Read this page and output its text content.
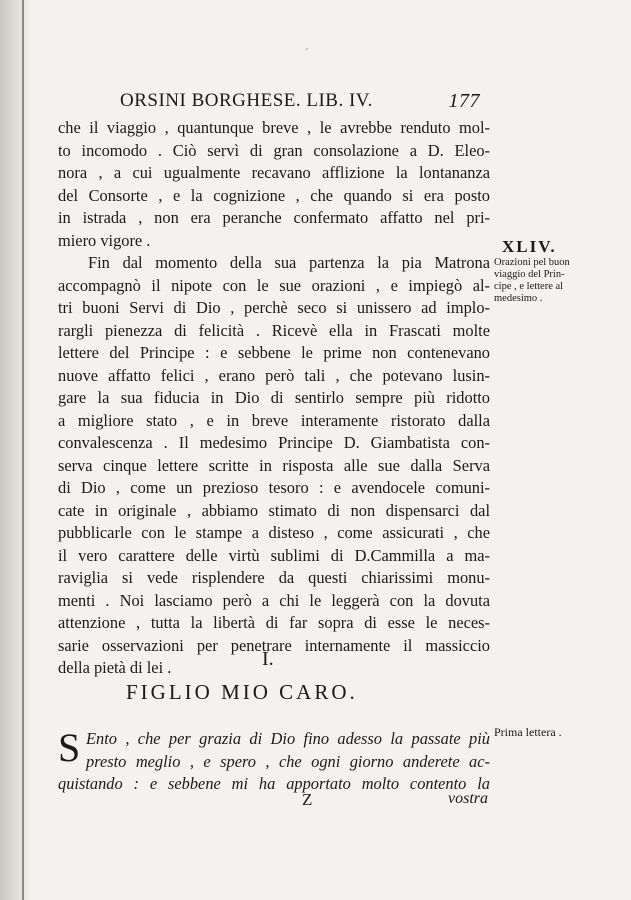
´
ORSINI BORGHESE. LIB. IV.	177
che il viaggio , quantunque breve , le avrebbe renduto mol-
to incomodo . Ciò servì di gran consolazione a D. Eleo-
nora , a cui ugualmente recavano afflizione la lontananza
del Consorte , e la cognizione , che quando si era posto
in istrada , non era peranche confermato affatto nel pri-
miero vigore .
Fin dal momento della sua partenza la pia Matrona
accompagnò il nipote con le sue orazioni , e impiegò al-
tri buoni Servi di Dio , perchè seco si unissero ad implo-
rargli pienezza di felicità . Ricevè ella in Frascati molte
lettere del Principe : e sebbene le prime non contenevano
nuove affatto felici , erano però tali , che potevano lusin-
gare la sua fiducia in Dio di sentirlo sempre più ridotto
a migliore stato , e in breve interamente ristorato dalla
convalescenza . Il medesimo Principe D. Giambatista con-
serva cinque lettere scritte in risposta alle sue dalla Serva
di Dio , come un prezioso tesoro : e avendocele comuni-
cate in originale , abbiamo stimato di non dispensarci dal
pubblicarle con le stampe a disteso , come assicurati , che
il vero carattere delle virtù sublimi di D.Cammilla a ma-
raviglia si vede risplendere da questi chiarissimi monu-
menti . Noi lasciamo però a chi le leggerà con la dovuta
attenzione , tutta la libertà di far sopra di esse le neces-
sarie osservazioni per penetrare internamente il massiccio
della pietà di lei .
XLIV.
Orazioni pel buon
viaggio del Prin-
cipe , e lettere al
medesimo .
I.
FIGLIO MIO CARO.
Prima lettera .
S Ento , che per grazia di Dio fino adesso la passate più
presto meglio , e spero , che ogni giorno anderete ac-
quistando : e sebbene mi ha apportato molto contento la
Z	vostra
